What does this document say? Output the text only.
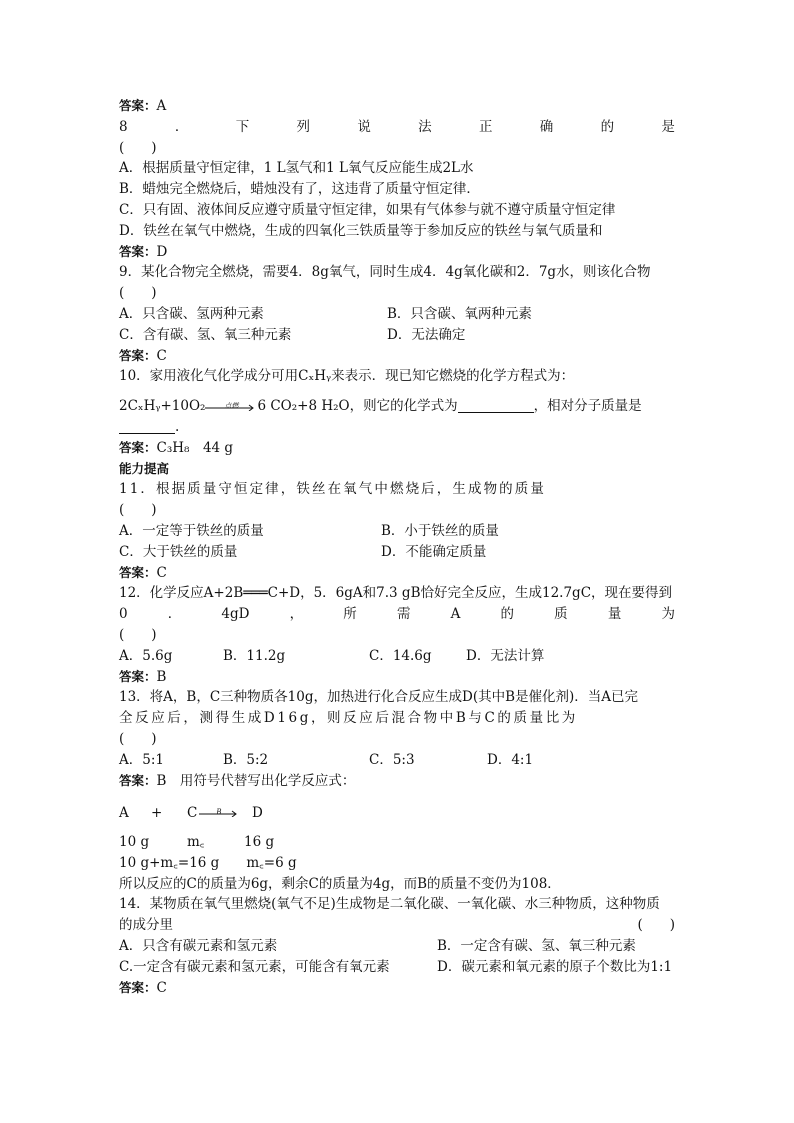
答案：A
8	．	下	列	说	法	正	确	的	是
(　　)
A．根据质量守恒定律，1 L氢气和1 L氧气反应能生成2L水
B．蜡烛完全燃烧后，蜡烛没有了，这违背了质量守恒定律．
C．只有固、液体间反应遵守质量守恒定律，如果有气体参与就不遵守质量守恒定律
D．铁丝在氧气中燃烧，生成的四氧化三铁质量等于参加反应的铁丝与氧气质量和
答案：D
9．某化合物完全燃烧，需要4．8g氧气，同时生成4．4g氧化碳和2．7g水，则该化合物
(　　)
A．只含碳、氢两种元素	B．只含碳、氧两种元素
C．含有碳、氢、氧三种元素	D．无法确定
答案：C
10．家用液化气化学成分可用CₓHᵧ来表示．现已知它燃烧的化学方程式为：
2CₓHᵧ+10O₂	点燃	6 CO₂+8 H₂O，则它的化学式为	，相对分子质量是
.
答案：C₃H₈　44 g
能力提高
11．根据质量守恒定律，铁丝在氧气中燃烧后，生成物的质量
(　　)
A．一定等于铁丝的质量	B．小于铁丝的质量
C．大于铁丝的质量	D．不能确定质量
答案：C
12．化学反应A+2B═══C+D，5．6gA和7.3 gB恰好完全反应，生成12.7gC，现在要得到
0	．	4gD	，	所	需	A	的	质	量	为
(　　)
A．5.6g	B．11.2g	C．14.6g	D．无法计算
答案：B
13．将A，B，C三种物质各10g，加热进行化合反应生成D(其中B是催化剂)．当A已完
全反应后，测得生成D16g，则反应后混合物中B与C的质量比为
(　　)
A．5:1	B．5:2	C．5:3	D．4:1
答案：B　用符号代替写出化学反应式：
A + C	B	D
10 g	m꜀	16 g
10 g+m꜀=16 g　　m꜀=6 g
所以反应的C的质量为6g，剩余C的质量为4g，而B的质量不变仍为108．
14．某物质在氧气里燃烧(氧气不足)生成物是二氧化碳、一氧化碳、水三种物质，这种物质
的成分里	(　　)
A．只含有碳元素和氢元素	B．一定含有碳、氢、氧三种元素
C.一定含有碳元素和氢元素，可能含有氧元素	D．碳元素和氧元素的原子个数比为1:1
答案：C
